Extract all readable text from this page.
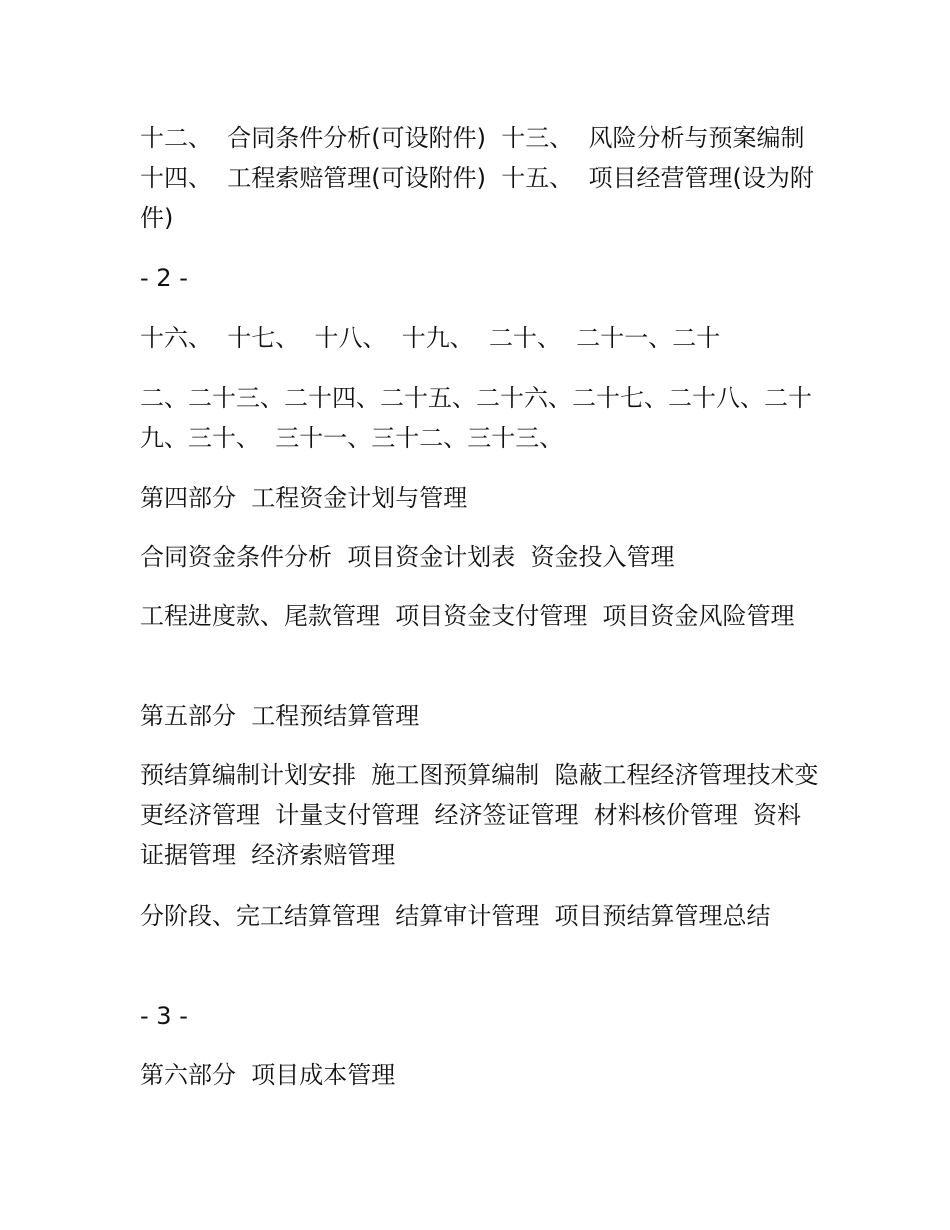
十二、  合同条件分析(可设附件)  十三、  风险分析与预案编制  十四、  工程索赔管理(可设附件)  十五、  项目经营管理(设为附件)

- 2 -

十六、  十七、  十八、  十九、  二十、  二十一、二十

二、二十三、二十四、二十五、二十六、二十七、二十八、二十九、三十、  三十一、三十二、三十三、

第四部分  工程资金计划与管理

合同资金条件分析  项目资金计划表  资金投入管理

工程进度款、尾款管理  项目资金支付管理  项目资金风险管理

第五部分  工程预结算管理

预结算编制计划安排  施工图预算编制  隐蔽工程经济管理技术变更经济管理  计量支付管理  经济签证管理  材料核价管理  资料证据管理  经济索赔管理

分阶段、完工结算管理  结算审计管理  项目预结算管理总结

- 3 -

第六部分  项目成本管理
